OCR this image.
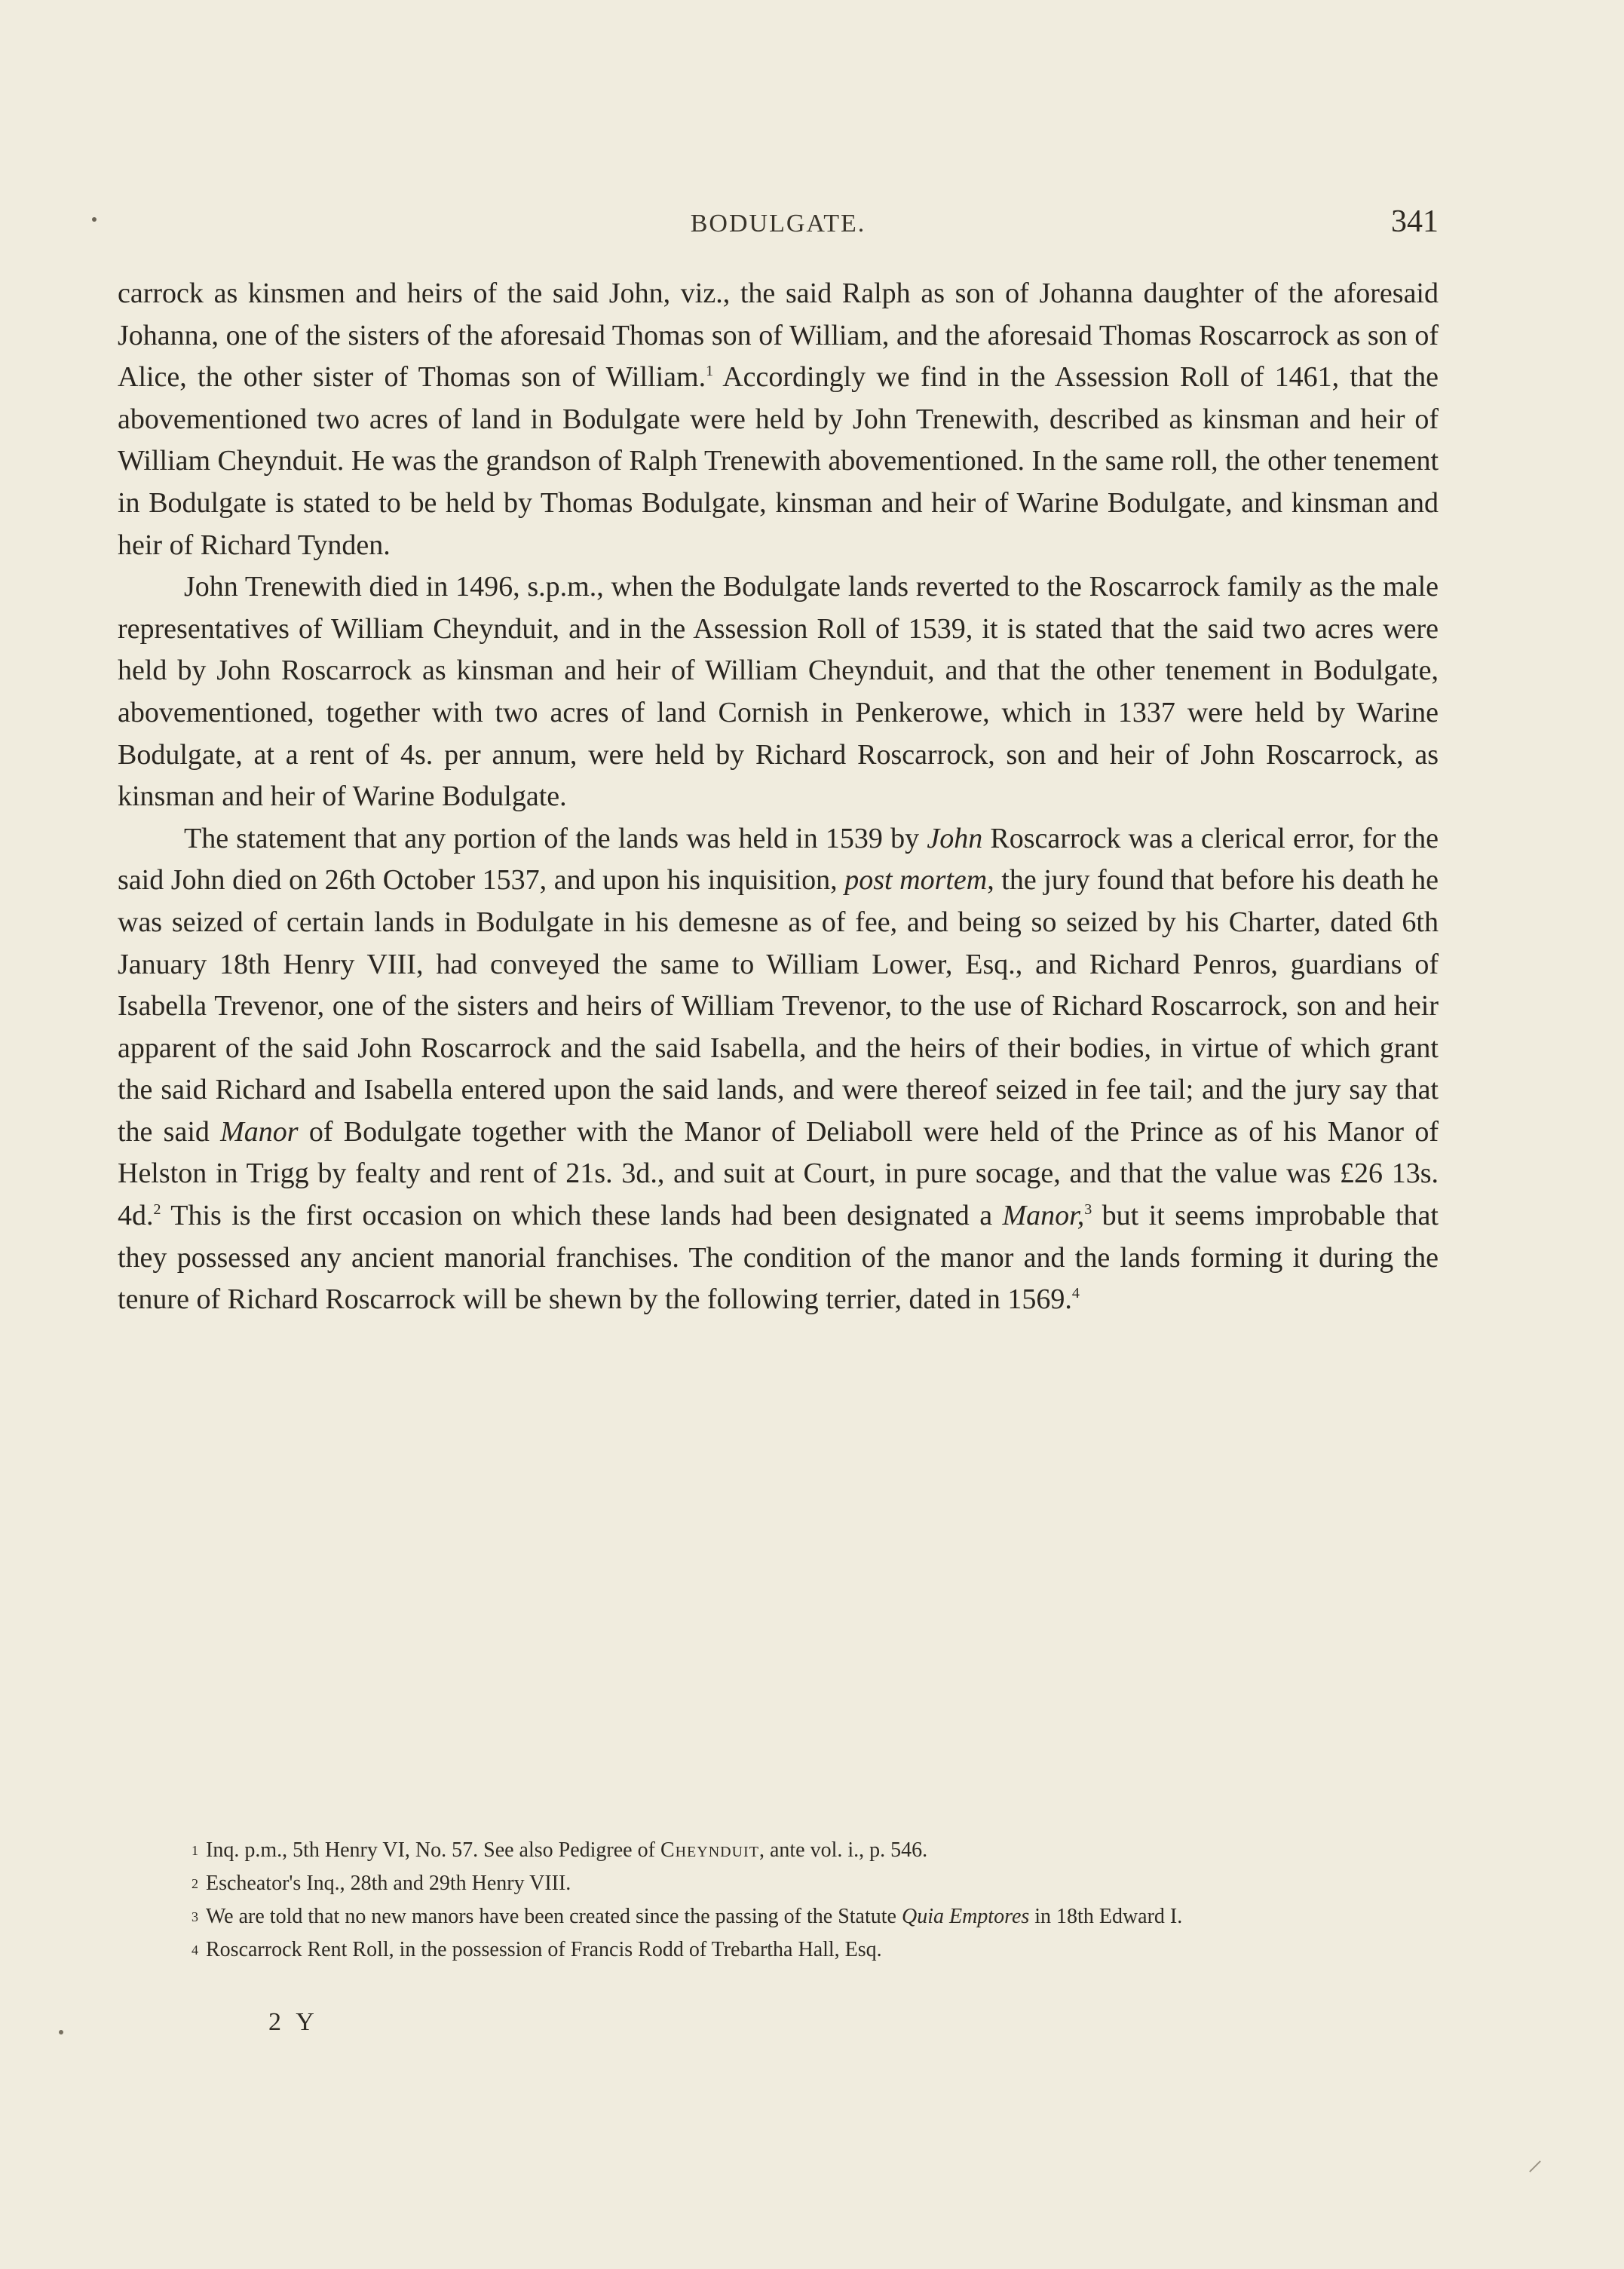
BODULGATE.	341

carrock as kinsmen and heirs of the said John, viz., the said Ralph as son of Johanna daughter of the aforesaid Johanna, one of the sisters of the aforesaid Thomas son of William, and the aforesaid Thomas Roscarrock as son of Alice, the other sister of Thomas son of William.$^1$ Accordingly we find in the Assession Roll of 1461, that the abovementioned two acres of land in Bodulgate were held by John Trenewith, described as kinsman and heir of William Cheynduit. He was the grandson of Ralph Trenewith abovementioned. In the same roll, the other tenement in Bodulgate is stated to be held by Thomas Bodulgate, kinsman and heir of Warine Bodulgate, and kinsman and heir of Richard Tynden.

John Trenewith died in 1496, s.p.m., when the Bodulgate lands reverted to the Roscarrock family as the male representatives of William Cheynduit, and in the Assession Roll of 1539, it is stated that the said two acres were held by John Roscarrock as kinsman and heir of William Cheynduit, and that the other tenement in Bodulgate, abovementioned, together with two acres of land Cornish in Penkerowe, which in 1337 were held by Warine Bodulgate, at a rent of 4s. per annum, were held by Richard Roscarrock, son and heir of John Roscarrock, as kinsman and heir of Warine Bodulgate.

The statement that any portion of the lands was held in 1539 by John Roscarrock was a clerical error, for the said John died on 26th October 1537, and upon his inquisition, post mortem, the jury found that before his death he was seized of certain lands in Bodulgate in his demesne as of fee, and being so seized by his Charter, dated 6th January 18th Henry VIII, had conveyed the same to William Lower, Esq., and Richard Penros, guardians of Isabella Trevenor, one of the sisters and heirs of William Trevenor, to the use of Richard Roscarrock, son and heir apparent of the said John Roscarrock and the said Isabella, and the heirs of their bodies, in virtue of which grant the said Richard and Isabella entered upon the said lands, and were thereof seized in fee tail; and the jury say that the said Manor of Bodulgate together with the Manor of Deliaboll were held of the Prince as of his Manor of Helston in Trigg by fealty and rent of 21s. 3d., and suit at Court, in pure socage, and that the value was £26 13s. 4d.$^2$ This is the first occasion on which these lands had been designated a Manor,$^3$ but it seems improbable that they possessed any ancient manorial franchises. The condition of the manor and the lands forming it during the tenure of Richard Roscarrock will be shewn by the following terrier, dated in 1569.$^4$

1 Inq. p.m., 5th Henry VI, No. 57. See also Pedigree of Cheynduit, ante vol. i., p. 546.

2 Escheator's Inq., 28th and 29th Henry VIII.

3 We are told that no new manors have been created since the passing of the Statute Quia Emptores in 18th Edward I.

4 Roscarrock Rent Roll, in the possession of Francis Rodd of Trebartha Hall, Esq.

2 Y
